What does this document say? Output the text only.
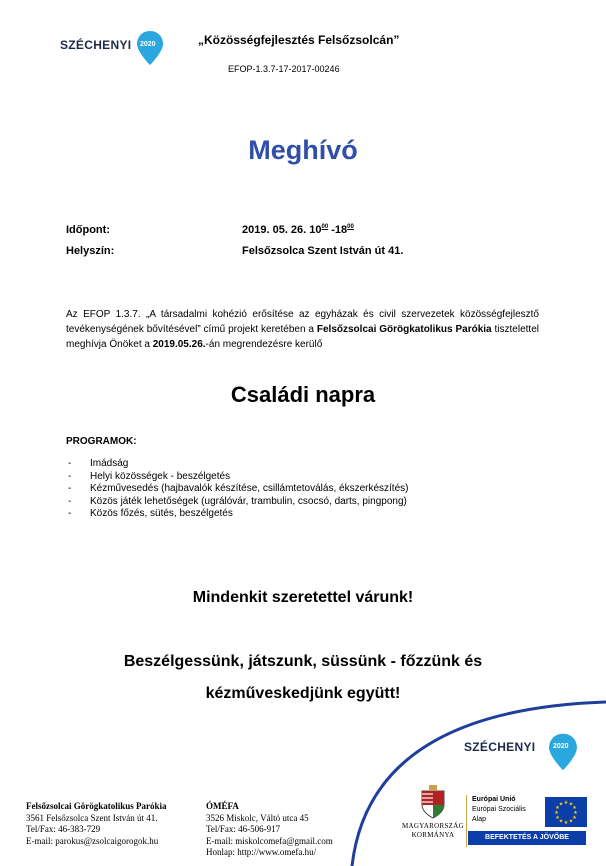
SZÉCHENYI 2020	„Közösségfejlesztés Felsőzsolcán”
EFOP-1.3.7-17-2017-00246
Meghívó
Időpont:	2019. 05. 26. $10^{00}$ $-18^{00}$
Helyszín:	Felsőzsolca Szent István út 41.
Az EFOP 1.3.7. „A társadalmi kohézió erősítése az egyházak és civil szervezetek közösségfejlesztő tevékenységének bővítésével” című projekt keretében a Felsőzsolcai Görögkatolikus Parókia tisztelettel meghívja Önöket a 2019.05.26.-án megrendezésre kerülő
Családi napra
PROGRAMOK:
- Imádság
- Helyi közösségek - beszélgetés
- Kézművesedés (hajbavalók készítése, csillámtetoválás, ékszerkészítés)
- Közös játék lehetőségek (ugrálóvár, trambulin, csocsó, darts, pingpong)
- Közös főzés, sütés, beszélgetés
Mindenkit szeretettel várunk!
Beszélgessünk, játszunk, süssünk - főzzünk és
kézműveskedjünk együtt!
SZÉCHENYI	2020
MAGYARORSZÁG
KORMÁNYA
Európai Unió
Európai Szociális
Alap
★ ★
★
★
★
★
★
★
★
★
★
★
BEFEKTETÉS A JÖVŐBE
Felsőzsolcai Görögkatolikus Parókia
3561 Felsőzsolca Szent István út 41.
Tel/Fax: 46-383-729
E-mail: parokus@zsolcaigorogok.hu
ÓMÉFA
3526 Miskolc, Váltó utca 45
Tel/Fax: 46-506-917
E-mail: miskolcomefa@gmail.com
Honlap: http://www.omefa.hu/
